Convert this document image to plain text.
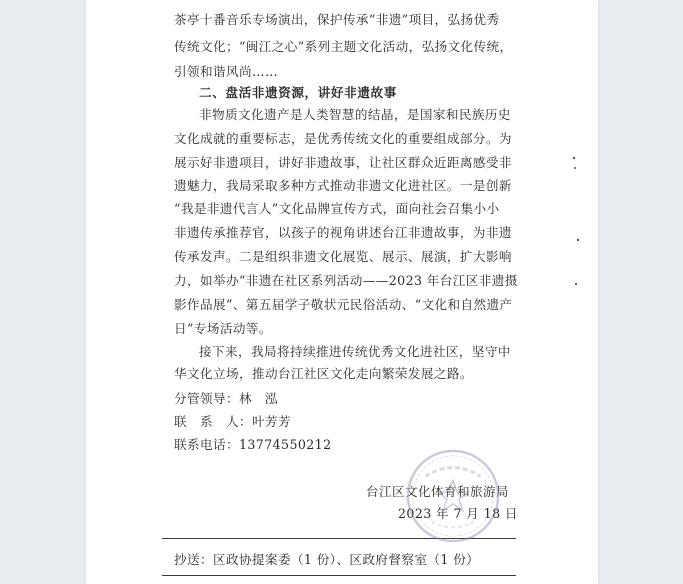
茶亭十番音乐专场演出，保护传承“非遗”项目，弘扬优秀
传统文化；“闽江之心”系列主题文化活动，弘扬文化传统，
引领和谐风尚……
二、盘活非遗资源，讲好非遗故事
非物质文化遗产是人类智慧的结晶，是国家和民族历史
文化成就的重要标志，是优秀传统文化的重要组成部分。为
展示好非遗项目，讲好非遗故事，让社区群众近距离感受非
遗魅力，我局采取多种方式推动非遗文化进社区。一是创新
“我是非遗代言人”文化品牌宣传方式，面向社会召集小小
非遗传承推荐官，以孩子的视角讲述台江非遗故事，为非遗
传承发声。二是组织非遗文化展览、展示、展演，扩大影响
力，如举办“非遗在社区系列活动——2023 年台江区非遗摄
影作品展”、第五届学子敬状元民俗活动、“文化和自然遗产
日”专场活动等。
接下来，我局将持续推进传统优秀文化进社区，坚守中
华文化立场，推动台江社区文化走向繁荣发展之路。
分管领导：林　泓
联　系　人：叶芳芳
联系电话：13774550212
台江区文化体育和旅游局
2023 年 7 月 18 日
抄送：区政协提案委（1 份）、区政府督察室（1 份）
